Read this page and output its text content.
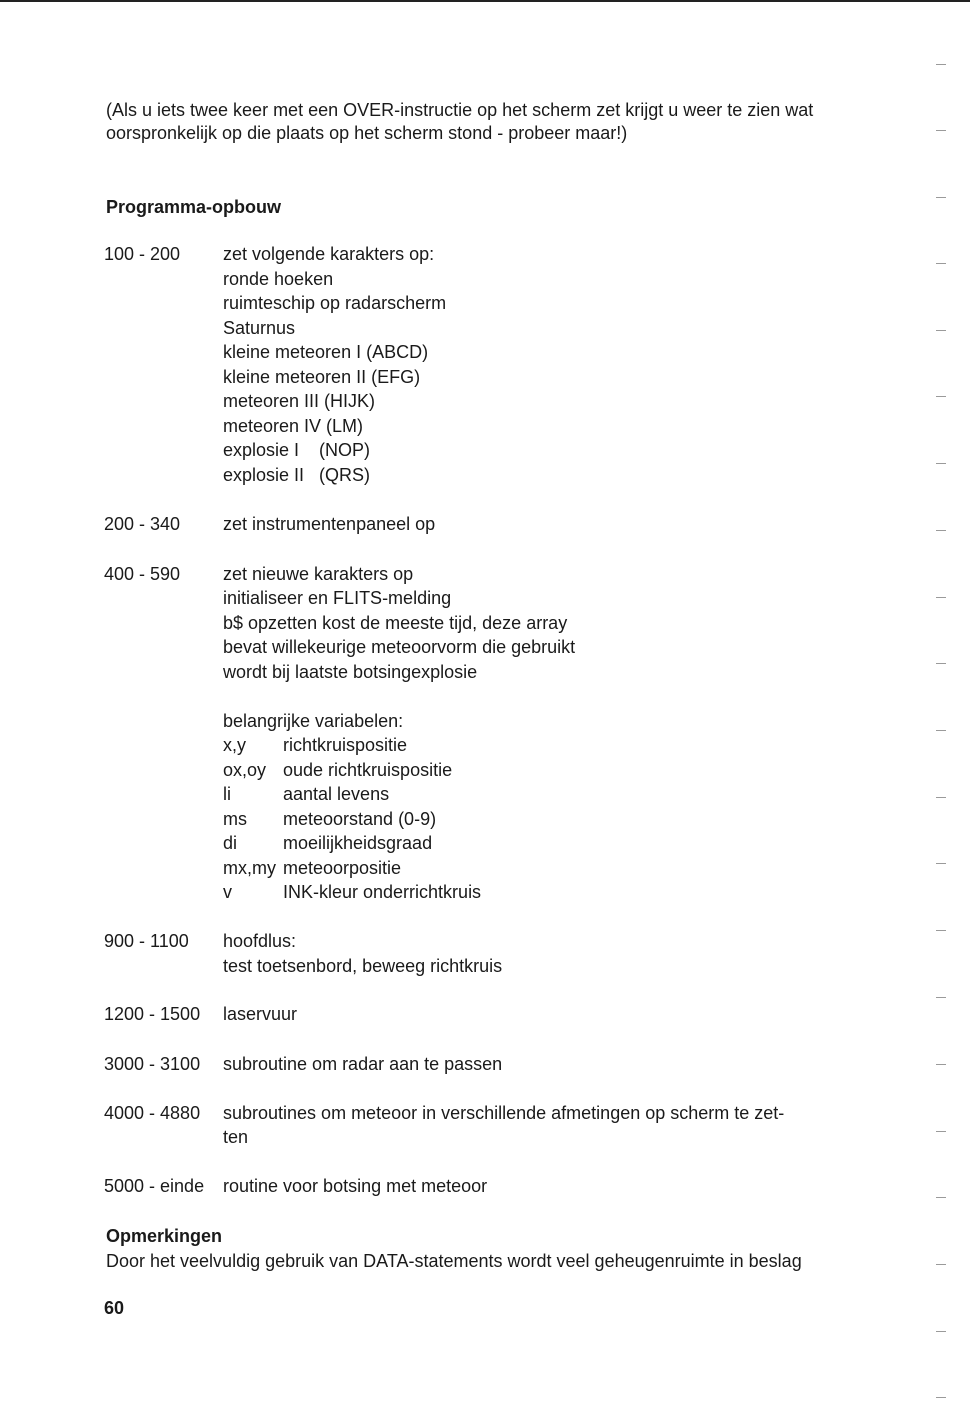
(Als u iets twee keer met een OVER-instructie op het scherm zet krijgt u weer te zien wat
oorspronkelijk op die plaats op het scherm stond - probeer maar!)
Programma-opbouw
100 - 200 zet volgende karakters op:
ronde hoeken
ruimteschip op radarscherm
Saturnus
kleine meteoren I (ABCD)
kleine meteoren II (EFG)
meteoren III (HIJK)
meteoren IV (LM)
explosie I    (NOP)
explosie II   (QRS)
200 - 340 zet instrumentenpaneel op
400 - 590 zet nieuwe karakters op
initialiseer en FLITS-melding
b$ opzetten kost de meeste tijd, deze array
bevat willekeurige meteoorvorm die gebruikt
wordt bij laatste botsingexplosie
belangrijke variabelen:
x,y richtkruispositie
ox,oy oude richtkruispositie
li	aantal levens
ms meteoorstand (0-9)
di	moeilijkheidsgraad
mx,my meteoorpositie
v	INK-kleur onderrichtkruis
900 - 1100 hoofdlus:
test toetsenbord, beweeg richtkruis
1200 - 1500 laservuur
3000 - 3100 subroutine om radar aan te passen
4000 - 4880 subroutines om meteoor in verschillende afmetingen op scherm te zet-
ten
5000 - einde routine voor botsing met meteoor
Opmerkingen
Door het veelvuldig gebruik van DATA-statements wordt veel geheugenruimte in beslag
60
